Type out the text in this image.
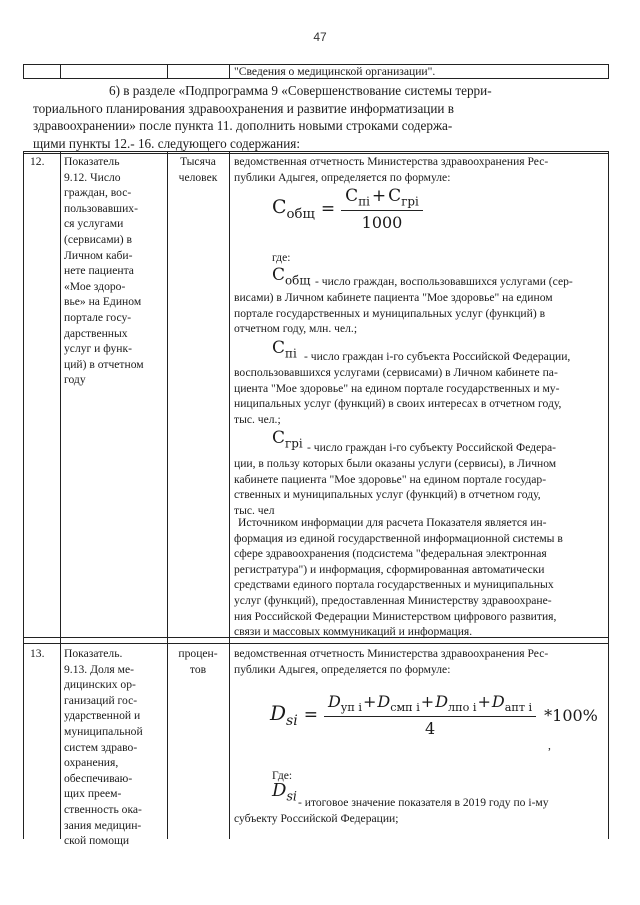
47
"Сведения о медицинской организации".

6) в разделе «Подпрограмма 9 «Совершенствование системы терри-

ториального планирования здравоохранения и развитие информатизации в

здравоохранении» после пункта 11. дополнить новыми строками содержа-

щими пункты 12.- 16. следующего содержания:

12. Показатель
9.12. Число
граждан, вос-
пользовавших-
ся услугами
(сервисами) в
Личном каби-
нете пациента
«Мое здоро-
вье» на Едином
портале госу-
дарственных
услуг и функ-
ций) в отчетном
году
Тысяча
человек
ведомственная отчетность Министерства здравоохранения Рес-
публики Адыгея, определяется по формуле:
$С_{общ} = \frac{С_{пi} + С_{грi}}{1000}$
где:
$С_{общ}$ - число граждан, воспользовавшихся услугами (сер-
висами) в Личном кабинете пациента "Мое здоровье" на едином
портале государственных и муниципальных услуг (функций) в
отчетном году, млн. чел.;
$С_{пi}$ - число граждан i-го субъекта Российской Федерации,
воспользовавшихся услугами (сервисами) в Личном кабинете па-
циента "Мое здоровье" на едином портале государственных и му-
ниципальных услуг (функций) в своих интересах в отчетном году,
тыс. чел.;
$С_{грi}$ - число граждан i-го субъекту Российской Федера-
ции, в пользу которых были оказаны услуги (сервисы), в Личном
кабинете пациента "Мое здоровье" на едином портале государ-
ственных и муниципальных услуг (функций) в отчетном году,
тыс. чел
Источником информации для расчета Показателя является ин-
формация из единой государственной информационной системы в
сфере здравоохранения (подсистема "федеральная электронная
регистратура") и информация, сформированная автоматически
средствами единого портала государственных и муниципальных
услуг (функций), предоставленная Министерству здравоохране-
ния Российской Федерации Министерством цифрового развития,
связи и массовых коммуникаций и информация.
13. Показатель.
9.13. Доля ме-
дицинских ор-
ганизаций гос-
ударственной и
муниципальной
систем здраво-
охранения,
обеспечиваю-
щих преем-
ственность ока-
зания медицин-
ской помощи
процен-
тов
ведомственная отчетность Министерства здравоохранения Рес-
публики Адыгея, определяется по формуле:
$D_{si} = \frac{D_{уп i}+D_{смп i}+D_{лпо i}+D_{апт i}}{4} *100\%$
,
Где:
$D_{si}$ - итоговое значение показателя в 2019 году по i-му
субъекту Российской Федерации;
